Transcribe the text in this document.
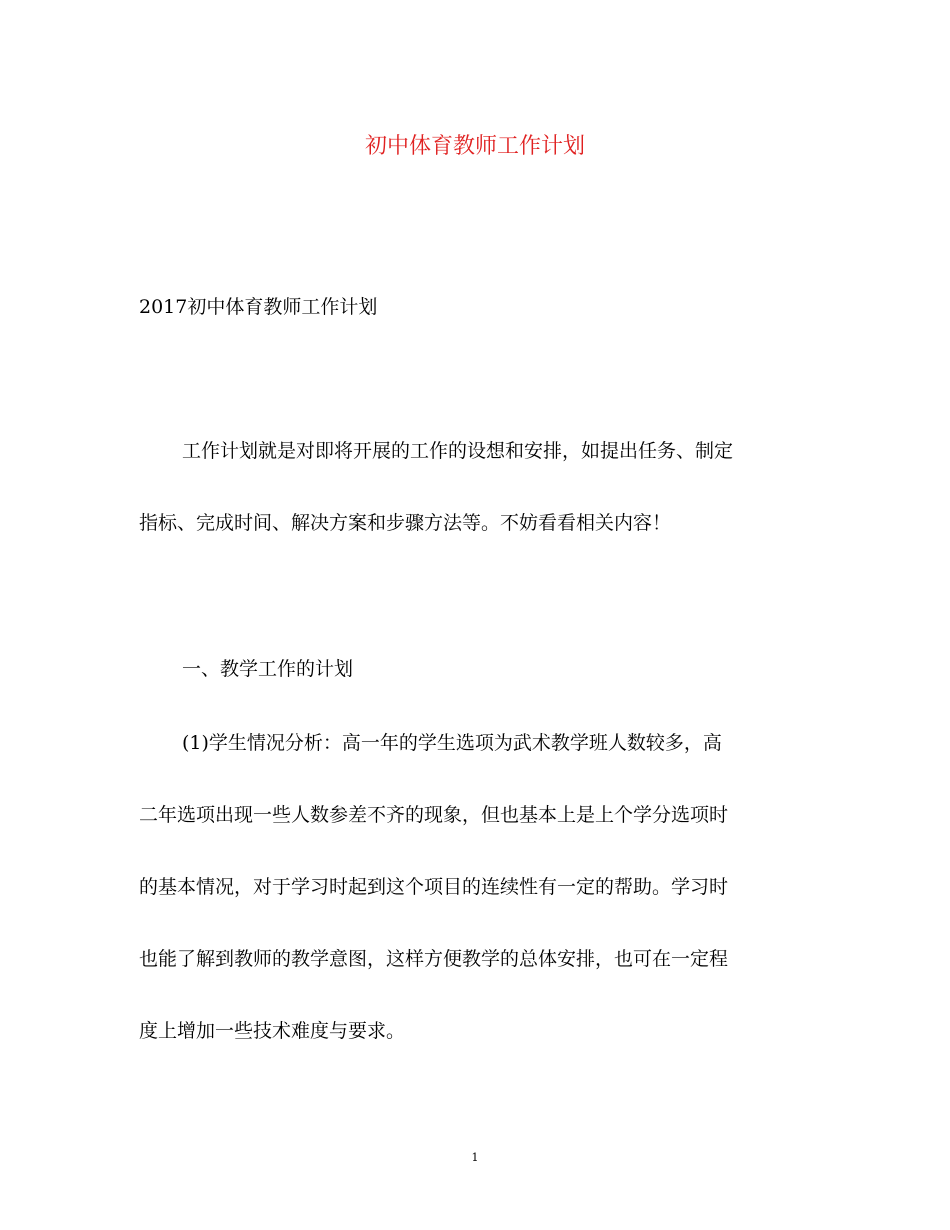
初中体育教师工作计划
2017初中体育教师工作计划
工作计划就是对即将开展的工作的设想和安排，如提出任务、制定
指标、完成时间、解决方案和步骤方法等。不妨看看相关内容！
一、教学工作的计划
(1)学生情况分析：高一年的学生选项为武术教学班人数较多，高
二年选项出现一些人数参差不齐的现象，但也基本上是上个学分选项时
的基本情况，对于学习时起到这个项目的连续性有一定的帮助。学习时
也能了解到教师的教学意图，这样方便教学的总体安排，也可在一定程
度上增加一些技术难度与要求。
1
